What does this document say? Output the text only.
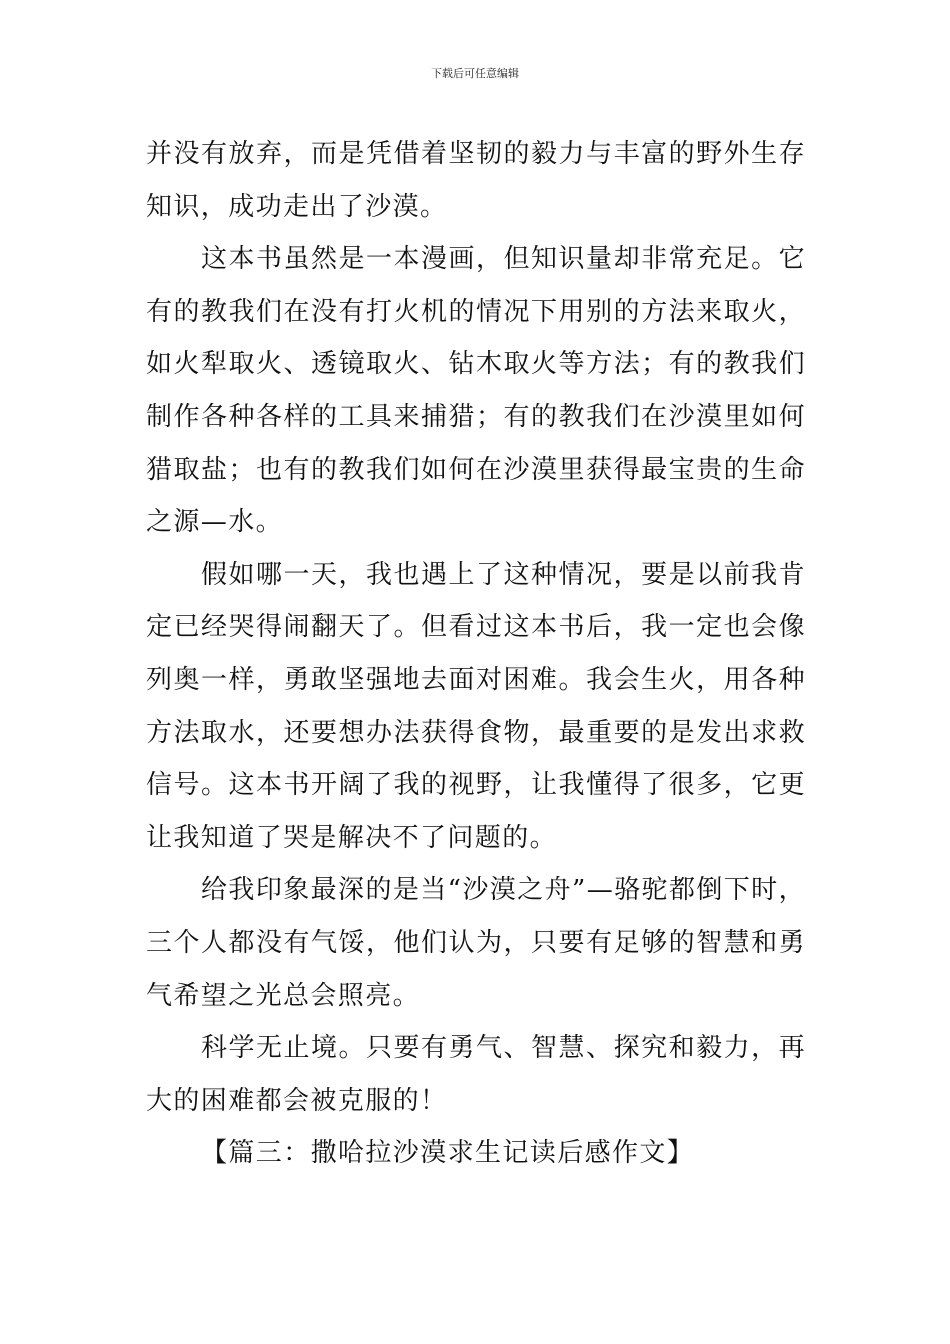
下载后可任意编辑

并没有放弃，而是凭借着坚韧的毅力与丰富的野外生存知识，成功走出了沙漠。

这本书虽然是一本漫画，但知识量却非常充足。它有的教我们在没有打火机的情况下用别的方法来取火，如火犁取火、透镜取火、钻木取火等方法；有的教我们制作各种各样的工具来捕猎；有的教我们在沙漠里如何猎取盐；也有的教我们如何在沙漠里获得最宝贵的生命之源—水。

假如哪一天，我也遇上了这种情况，要是以前我肯定已经哭得闹翻天了。但看过这本书后，我一定也会像列奥一样，勇敢坚强地去面对困难。我会生火，用各种方法取水，还要想办法获得食物，最重要的是发出求救信号。这本书开阔了我的视野，让我懂得了很多，它更让我知道了哭是解决不了问题的。

给我印象最深的是当“沙漠之舟”—骆驼都倒下时，三个人都没有气馁，他们认为，只要有足够的智慧和勇气希望之光总会照亮。

科学无止境。只要有勇气、智慧、探究和毅力，再大的困难都会被克服的！

【篇三：撒哈拉沙漠求生记读后感作文】
